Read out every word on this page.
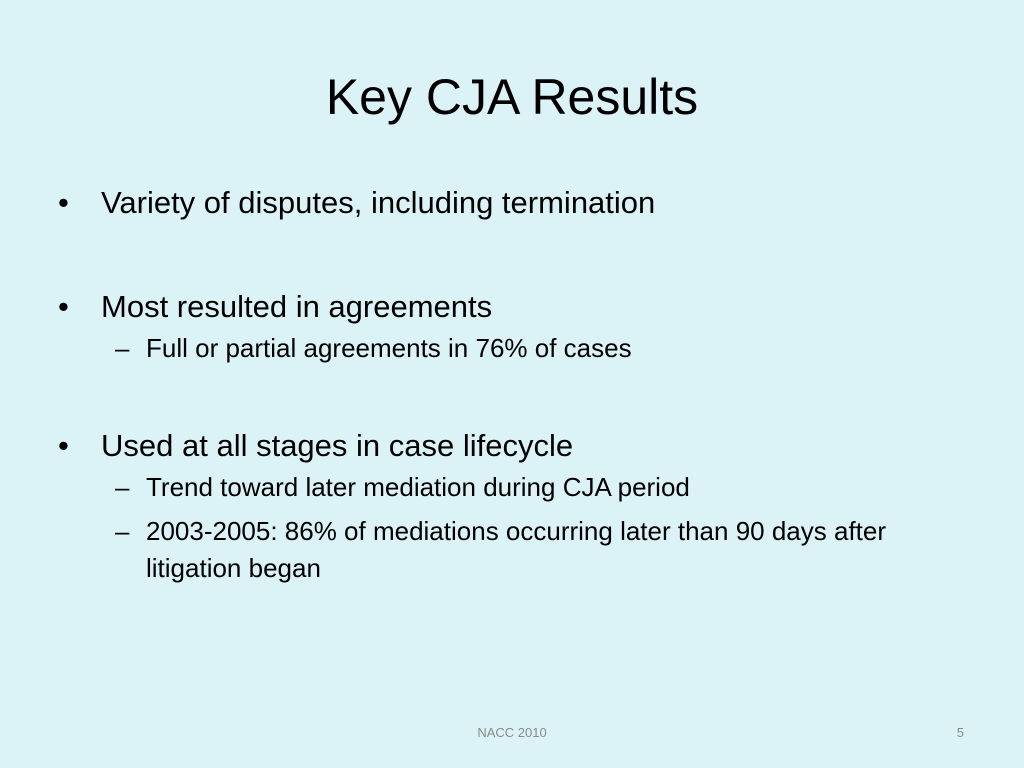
Key CJA Results
•	Variety of disputes, including termination
•	Most resulted in agreements
– Full or partial agreements in 76% of cases
•	Used at all stages in case lifecycle
– Trend toward later mediation during CJA period
– 2003-2005: 86% of mediations occurring later than 90 days after litigation began
NACC 2010	5
